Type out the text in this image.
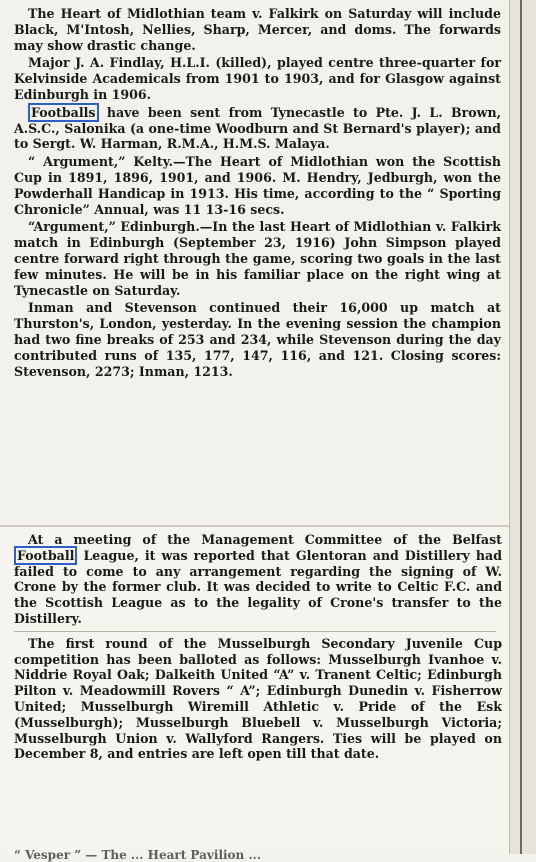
The Heart of Midlothian team v. Falkirk on Saturday will include Black, M'Intosh, Nellies, Sharp, Mercer, and doms. The forwards may show drastic change.

Major J. A. Findlay, H.L.I. (killed), played centre three-quarter for Kelvinside Academicals from 1901 to 1903, and for Glasgow against Edinburgh in 1906.

Footballs have been sent from Tynecastle to Pte. J. L. Brown, A.S.C., Salonika (a one-time Woodburn and St Bernard's player); and to Sergt. W. Harman, R.M.A., H.M.S. Malaya.

“ Argument,” Kelty.—The Heart of Midlothian won the Scottish Cup in 1891, 1896, 1901, and 1906. M. Hendry, Jedburgh, won the Powderhall Handicap in 1913. His time, according to the “ Sporting Chronicle” Annual, was 11 13-16 secs.

“Argument,” Edinburgh.—In the last Heart of Midlothian v. Falkirk match in Edinburgh (September 23, 1916) John Simpson played centre forward right through the game, scoring two goals in the last few minutes. He will be in his familiar place on the right wing at Tynecastle on Saturday.

Inman and Stevenson continued their 16,000 up match at Thurston's, London, yesterday. In the evening session the champion had two fine breaks of 253 and 234, while Stevenson during the day contributed runs of 135, 177, 147, 116, and 121. Closing scores: Stevenson, 2273; Inman, 1213.

At a meeting of the Management Committee of the Belfast Football League, it was reported that Glentoran and Distillery had failed to come to any arrangement regarding the signing of W. Crone by the former club. It was decided to write to Celtic F.C. and the Scottish League as to the legality of Crone's transfer to the Distillery.

The first round of the Musselburgh Secondary Juvenile Cup competition has been balloted as follows: Musselburgh Ivanhoe v. Niddrie Royal Oak; Dalkeith United “A” v. Tranent Celtic; Edinburgh Pilton v. Meadowmill Rovers “ A”; Edinburgh Dunedin v. Fisherrow United; Musselburgh Wiremill Athletic v. Pride of the Esk (Musselburgh); Musselburgh Bluebell v. Musselburgh Victoria; Musselburgh Union v. Wallyford Rangers. Ties will be played on December 8, and entries are left open till that date.

“ Vesper ” — The ... Heart Pavilion ...
